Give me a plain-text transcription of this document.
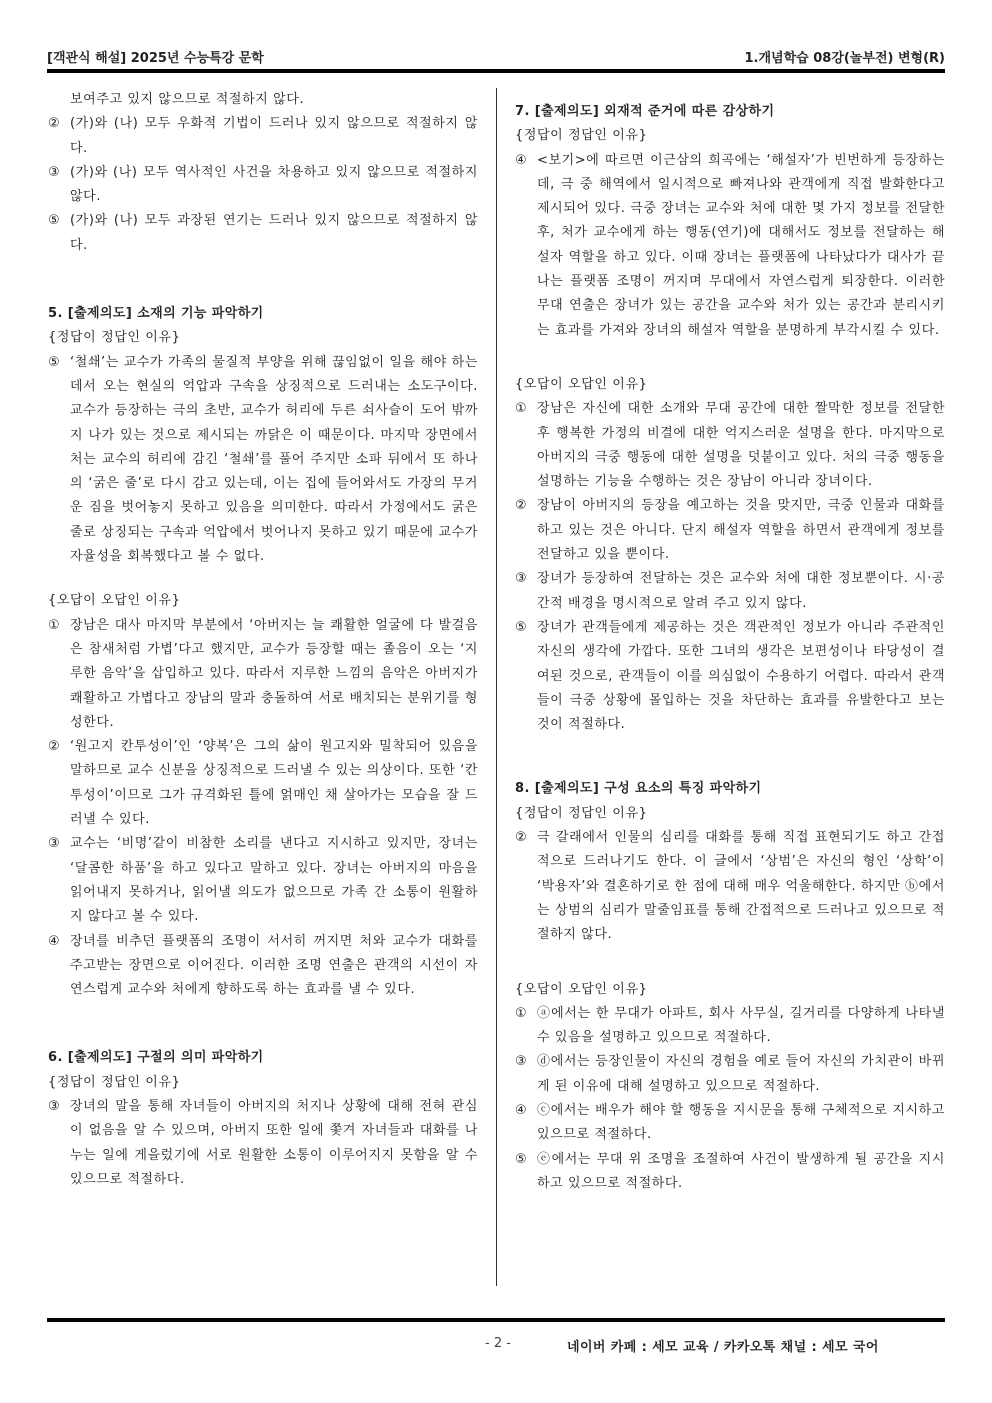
[객관식 해설] 2025년 수능특강 문학	1.개념학습 08강(놀부전) 변형(R)
보여주고 있지 않으므로 적절하지 않다.
② (가)와 (나) 모두 우화적 기법이 드러나 있지 않으므로 적절하지 않다.
③ (가)와 (나) 모두 역사적인 사건을 차용하고 있지 않으므로 적절하지 않다.
⑤ (가)와 (나) 모두 과장된 연기는 드러나 있지 않으므로 적절하지 않다.
5. [출제의도] 소재의 기능 파악하기
{정답이 정답인 이유}
⑤ ‘철쇄’는 교수가 가족의 물질적 부양을 위해 끊임없이 일을 해야 하는 데서 오는 현실의 억압과 구속을 상징적으로 드러내는 소도구이다. 교수가 등장하는 극의 초반, 교수가 허리에 두른 쇠사슬이 도어 밖까지 나가 있는 것으로 제시되는 까닭은 이 때문이다. 마지막 장면에서 처는 교수의 허리에 감긴 ‘철쇄’를 풀어 주지만 소파 뒤에서 또 하나의 ‘굵은 줄’로 다시 감고 있는데, 이는 집에 들어와서도 가장의 무거운 짐을 벗어놓지 못하고 있음을 의미한다. 따라서 가정에서도 굵은 줄로 상징되는 구속과 억압에서 벗어나지 못하고 있기 때문에 교수가 자율성을 회복했다고 볼 수 없다.
{오답이 오답인 이유}
① 장남은 대사 마지막 부분에서 ‘아버지는 늘 쾌활한 얼굴에 다 발걸음은 참새처럼 가볍’다고 했지만, 교수가 등장할 때는 졸음이 오는 ‘지루한 음악’을 삽입하고 있다. 따라서 지루한 느낌의 음악은 아버지가 쾌활하고 가볍다고 장남의 말과 충돌하여 서로 배치되는 분위기를 형성한다.
② ‘원고지 칸투성이’인 ‘양복’은 그의 삶이 원고지와 밀착되어 있음을 말하므로 교수 신분을 상징적으로 드러낼 수 있는 의상이다. 또한 ‘칸투성이’이므로 그가 규격화된 틀에 얽매인 채 살아가는 모습을 잘 드러낼 수 있다.
③ 교수는 ‘비명’같이 비참한 소리를 낸다고 지시하고 있지만, 장녀는 ‘달콤한 하품’을 하고 있다고 말하고 있다. 장녀는 아버지의 마음을 읽어내지 못하거나, 읽어낼 의도가 없으므로 가족 간 소통이 원활하지 않다고 볼 수 있다.
④ 장녀를 비추던 플랫폼의 조명이 서서히 꺼지면 처와 교수가 대화를 주고받는 장면으로 이어진다. 이러한 조명 연출은 관객의 시선이 자연스럽게 교수와 처에게 향하도록 하는 효과를 낼 수 있다.
6. [출제의도] 구절의 의미 파악하기
{정답이 정답인 이유}
③ 장녀의 말을 통해 자녀들이 아버지의 처지나 상황에 대해 전혀 관심이 없음을 알 수 있으며, 아버지 또한 일에 쫓겨 자녀들과 대화를 나누는 일에 게을렀기에 서로 원활한 소통이 이루어지지 못함을 알 수 있으므로 적절하다.
7. [출제의도] 외재적 준거에 따른 감상하기
{정답이 정답인 이유}
④ <보기>에 따르면 이근삼의 희곡에는 ‘해설자’가 빈번하게 등장하는데, 극 중 해역에서 일시적으로 빠져나와 관객에게 직접 발화한다고 제시되어 있다. 극중 장녀는 교수와 처에 대한 몇 가지 정보를 전달한 후, 처가 교수에게 하는 행동(연기)에 대해서도 정보를 전달하는 해설자 역할을 하고 있다. 이때 장녀는 플랫폼에 나타났다가 대사가 끝나는 플랫폼 조명이 꺼지며 무대에서 자연스럽게 퇴장한다. 이러한 무대 연출은 장녀가 있는 공간을 교수와 처가 있는 공간과 분리시키는 효과를 가져와 장녀의 해설자 역할을 분명하게 부각시킬 수 있다.
{오답이 오답인 이유}
① 장남은 자신에 대한 소개와 무대 공간에 대한 짤막한 정보를 전달한 후 행복한 가정의 비결에 대한 억지스러운 설명을 한다. 마지막으로 아버지의 극중 행동에 대한 설명을 덧붙이고 있다. 처의 극중 행동을 설명하는 기능을 수행하는 것은 장남이 아니라 장녀이다.
② 장남이 아버지의 등장을 예고하는 것을 맞지만, 극중 인물과 대화를 하고 있는 것은 아니다. 단지 해설자 역할을 하면서 관객에게 정보를 전달하고 있을 뿐이다.
③ 장녀가 등장하여 전달하는 것은 교수와 처에 대한 정보뿐이다. 시·공간적 배경을 명시적으로 알려 주고 있지 않다.
⑤ 장녀가 관객들에게 제공하는 것은 객관적인 정보가 아니라 주관적인 자신의 생각에 가깝다. 또한 그녀의 생각은 보편성이나 타당성이 결여된 것으로, 관객들이 이를 의심없이 수용하기 어렵다. 따라서 관객들이 극중 상황에 몰입하는 것을 차단하는 효과를 유발한다고 보는 것이 적절하다.
8. [출제의도] 구성 요소의 특징 파악하기
{정답이 정답인 이유}
② 극 갈래에서 인물의 심리를 대화를 통해 직접 표현되기도 하고 간접적으로 드러나기도 한다. 이 글에서 ‘상범’은 자신의 형인 ‘상학’이 ‘박용자’와 결혼하기로 한 점에 대해 매우 억울해한다. 하지만 ⓑ에서는 상범의 심리가 말줄임표를 통해 간접적으로 드러나고 있으므로 적절하지 않다.
{오답이 오답인 이유}
① ⓐ에서는 한 무대가 아파트, 회사 사무실, 길거리를 다양하게 나타낼 수 있음을 설명하고 있으므로 적절하다.
③ ⓓ에서는 등장인물이 자신의 경험을 예로 들어 자신의 가치관이 바뀌게 된 이유에 대해 설명하고 있으므로 적절하다.
④ ⓒ에서는 배우가 해야 할 행동을 지시문을 통해 구체적으로 지시하고 있으므로 적절하다.
⑤ ⓔ에서는 무대 위 조명을 조절하여 사건이 발생하게 될 공간을 지시하고 있으므로 적절하다.
- 2 -	네이버 카페 : 세모 교육 / 카카오톡 채널 : 세모 국어
